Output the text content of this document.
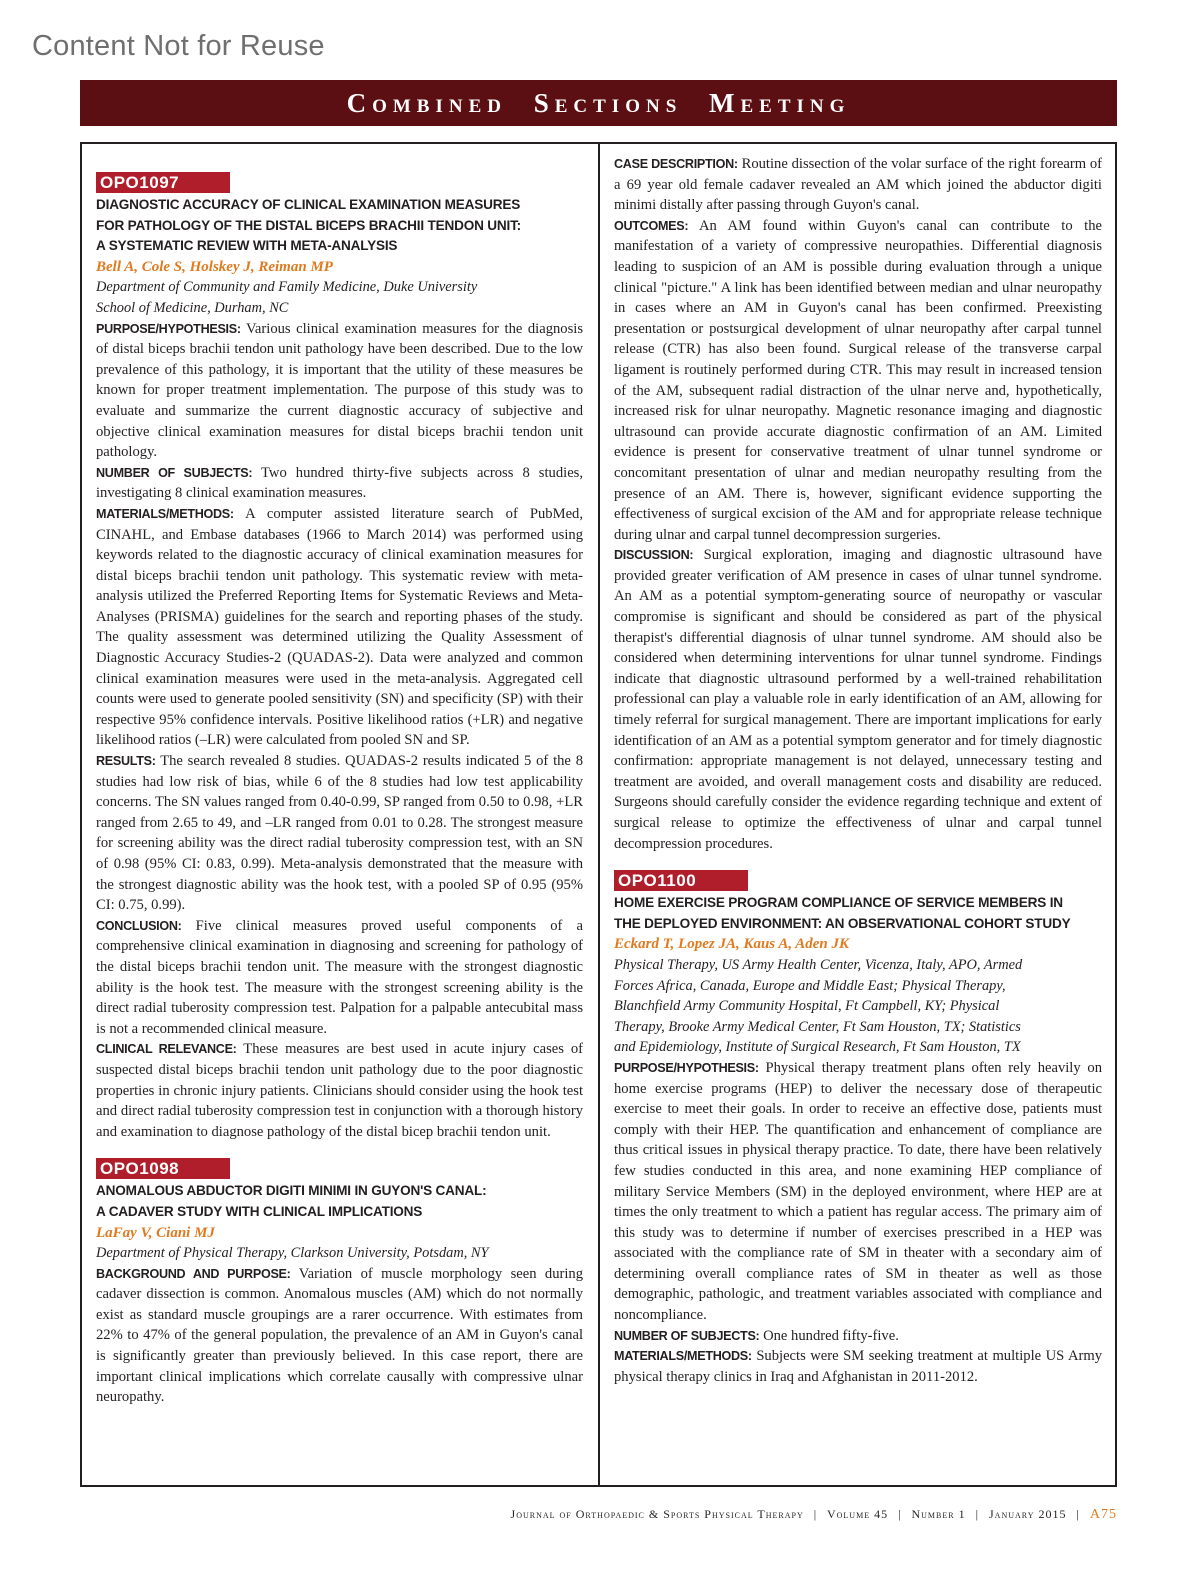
Content Not for Reuse
Combined Sections Meeting
OPO1097
DIAGNOSTIC ACCURACY OF CLINICAL EXAMINATION MEASURES
FOR PATHOLOGY OF THE DISTAL BICEPS BRACHII TENDON UNIT:
A SYSTEMATIC REVIEW WITH META-ANALYSIS
Bell A, Cole S, Holskey J, Reiman MP
Department of Community and Family Medicine, Duke University
School of Medicine, Durham, NC

PURPOSE/HYPOTHESIS: Various clinical examination measures for the diagnosis of distal biceps brachii tendon unit pathology have been described. Due to the low prevalence of this pathology, it is important that the utility of these measures be known for proper treatment implementation. The purpose of this study was to evaluate and summarize the current diagnostic accuracy of subjective and objective clinical examination measures for distal biceps brachii tendon unit pathology.

NUMBER OF SUBJECTS: Two hundred thirty-five subjects across 8 studies, investigating 8 clinical examination measures.

MATERIALS/METHODS: A computer assisted literature search of PubMed, CINAHL, and Embase databases (1966 to March 2014) was performed using keywords related to the diagnostic accuracy of clinical examination measures for distal biceps brachii tendon unit pathology. This systematic review with meta-analysis utilized the Preferred Reporting Items for Systematic Reviews and Meta-Analyses (PRISMA) guidelines for the search and reporting phases of the study. The quality assessment was determined utilizing the Quality Assessment of Diagnostic Accuracy Studies-2 (QUADAS-2). Data were analyzed and common clinical examination measures were used in the meta-analysis. Aggregated cell counts were used to generate pooled sensitivity (SN) and specificity (SP) with their respective 95% confidence intervals. Positive likelihood ratios (+LR) and negative likelihood ratios (–LR) were calculated from pooled SN and SP.

RESULTS: The search revealed 8 studies. QUADAS-2 results indicated 5 of the 8 studies had low risk of bias, while 6 of the 8 studies had low test applicability concerns. The SN values ranged from 0.40-0.99, SP ranged from 0.50 to 0.98, +LR ranged from 2.65 to 49, and –LR ranged from 0.01 to 0.28. The strongest measure for screening ability was the direct radial tuberosity compression test, with an SN of 0.98 (95% CI: 0.83, 0.99). Meta-analysis demonstrated that the measure with the strongest diagnostic ability was the hook test, with a pooled SP of 0.95 (95% CI: 0.75, 0.99).

CONCLUSION: Five clinical measures proved useful components of a comprehensive clinical examination in diagnosing and screening for pathology of the distal biceps brachii tendon unit. The measure with the strongest diagnostic ability is the hook test. The measure with the strongest screening ability is the direct radial tuberosity compression test. Palpation for a palpable antecubital mass is not a recommended clinical measure.

CLINICAL RELEVANCE: These measures are best used in acute injury cases of suspected distal biceps brachii tendon unit pathology due to the poor diagnostic properties in chronic injury patients. Clinicians should consider using the hook test and direct radial tuberosity compression test in conjunction with a thorough history and examination to diagnose pathology of the distal bicep brachii tendon unit.

OPO1098
ANOMALOUS ABDUCTOR DIGITI MINIMI IN GUYON'S CANAL:
A CADAVER STUDY WITH CLINICAL IMPLICATIONS
LaFay V, Ciani MJ
Department of Physical Therapy, Clarkson University, Potsdam, NY

BACKGROUND AND PURPOSE: Variation of muscle morphology seen during cadaver dissection is common. Anomalous muscles (AM) which do not normally exist as standard muscle groupings are a rarer occurrence. With estimates from 22% to 47% of the general population, the prevalence of an AM in Guyon's canal is significantly greater than previously believed. In this case report, there are important clinical implications which correlate causally with compressive ulnar neuropathy.

CASE DESCRIPTION: Routine dissection of the volar surface of the right forearm of a 69 year old female cadaver revealed an AM which joined the abductor digiti minimi distally after passing through Guyon's canal.

OUTCOMES: An AM found within Guyon's canal can contribute to the manifestation of a variety of compressive neuropathies. Differential diagnosis leading to suspicion of an AM is possible during evaluation through a unique clinical "picture." A link has been identified between median and ulnar neuropathy in cases where an AM in Guyon's canal has been confirmed. Preexisting presentation or postsurgical development of ulnar neuropathy after carpal tunnel release (CTR) has also been found. Surgical release of the transverse carpal ligament is routinely performed during CTR. This may result in increased tension of the AM, subsequent radial distraction of the ulnar nerve and, hypothetically, increased risk for ulnar neuropathy. Magnetic resonance imaging and diagnostic ultrasound can provide accurate diagnostic confirmation of an AM. Limited evidence is present for conservative treatment of ulnar tunnel syndrome or concomitant presentation of ulnar and median neuropathy resulting from the presence of an AM. There is, however, significant evidence supporting the effectiveness of surgical excision of the AM and for appropriate release technique during ulnar and carpal tunnel decompression surgeries.

DISCUSSION: Surgical exploration, imaging and diagnostic ultrasound have provided greater verification of AM presence in cases of ulnar tunnel syndrome. An AM as a potential symptom-generating source of neuropathy or vascular compromise is significant and should be considered as part of the physical therapist's differential diagnosis of ulnar tunnel syndrome. AM should also be considered when determining interventions for ulnar tunnel syndrome. Findings indicate that diagnostic ultrasound performed by a well-trained rehabilitation professional can play a valuable role in early identification of an AM, allowing for timely referral for surgical management. There are important implications for early identification of an AM as a potential symptom generator and for timely diagnostic confirmation: appropriate management is not delayed, unnecessary testing and treatment are avoided, and overall management costs and disability are reduced. Surgeons should carefully consider the evidence regarding technique and extent of surgical release to optimize the effectiveness of ulnar and carpal tunnel decompression procedures.

OPO1100
HOME EXERCISE PROGRAM COMPLIANCE OF SERVICE MEMBERS IN
THE DEPLOYED ENVIRONMENT: AN OBSERVATIONAL COHORT STUDY
Eckard T, Lopez JA, Kaus A, Aden JK
Physical Therapy, US Army Health Center, Vicenza, Italy, APO, Armed
Forces Africa, Canada, Europe and Middle East; Physical Therapy,
Blanchfield Army Community Hospital, Ft Campbell, KY; Physical
Therapy, Brooke Army Medical Center, Ft Sam Houston, TX; Statistics
and Epidemiology, Institute of Surgical Research, Ft Sam Houston, TX

PURPOSE/HYPOTHESIS: Physical therapy treatment plans often rely heavily on home exercise programs (HEP) to deliver the necessary dose of therapeutic exercise to meet their goals. In order to receive an effective dose, patients must comply with their HEP. The quantification and enhancement of compliance are thus critical issues in physical therapy practice. To date, there have been relatively few studies conducted in this area, and none examining HEP compliance of military Service Members (SM) in the deployed environment, where HEP are at times the only treatment to which a patient has regular access. The primary aim of this study was to determine if number of exercises prescribed in a HEP was associated with the compliance rate of SM in theater with a secondary aim of determining overall compliance rates of SM in theater as well as those demographic, pathologic, and treatment variables associated with compliance and noncompliance.

NUMBER OF SUBJECTS: One hundred fifty-five.

MATERIALS/METHODS: Subjects were SM seeking treatment at multiple US Army physical therapy clinics in Iraq and Afghanistan in 2011-2012.

Journal of Orthopaedic & Sports Physical Therapy | Volume 45 | Number 1 | January 2015 | A75
